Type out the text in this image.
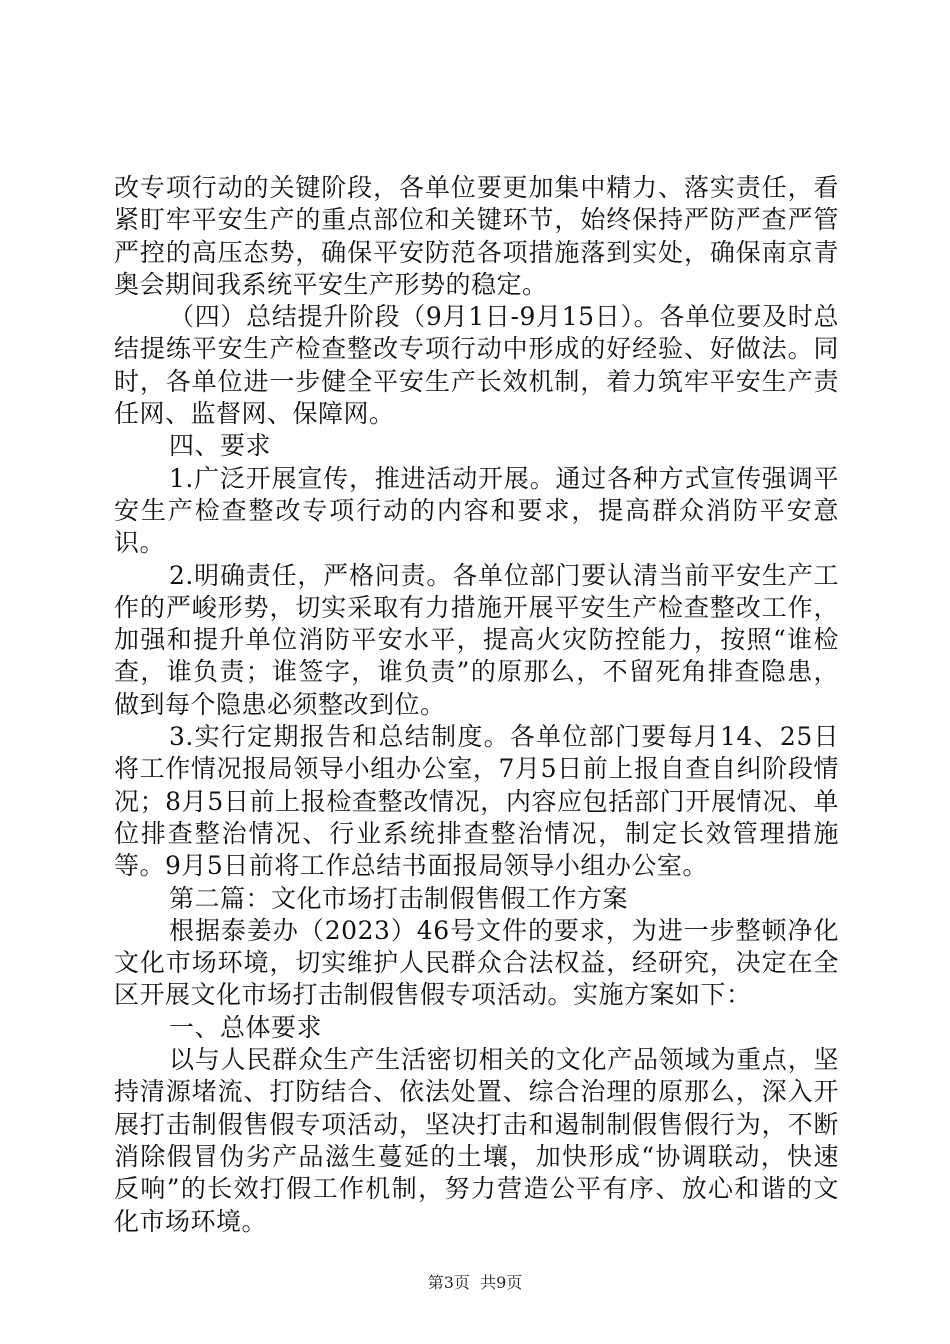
改专项行动的关键阶段，各单位要更加集中精力、落实责任，看紧盯牢平安生产的重点部位和关键环节，始终保持严防严查严管严控的高压态势，确保平安防范各项措施落到实处，确保南京青奥会期间我系统平安生产形势的稳定。

（四）总结提升阶段（9月1日-9月15日）。各单位要及时总结提练平安生产检查整改专项行动中形成的好经验、好做法。同时，各单位进一步健全平安生产长效机制，着力筑牢平安生产责任网、监督网、保障网。

四、要求

1.广泛开展宣传，推进活动开展。通过各种方式宣传强调平安生产检查整改专项行动的内容和要求，提高群众消防平安意识。

2.明确责任，严格问责。各单位部门要认清当前平安生产工作的严峻形势，切实采取有力措施开展平安生产检查整改工作，加强和提升单位消防平安水平，提高火灾防控能力，按照“谁检查，谁负责；谁签字，谁负责”的原那么，不留死角排查隐患，做到每个隐患必须整改到位。

3.实行定期报告和总结制度。各单位部门要每月14、25日将工作情况报局领导小组办公室，7月5日前上报自查自纠阶段情况；8月5日前上报检查整改情况，内容应包括部门开展情况、单位排查整治情况、行业系统排查整治情况，制定长效管理措施等。9月5日前将工作总结书面报局领导小组办公室。

第二篇：文化市场打击制假售假工作方案

根据泰姜办（2023）46号文件的要求，为进一步整顿净化文化市场环境，切实维护人民群众合法权益，经研究，决定在全区开展文化市场打击制假售假专项活动。实施方案如下：

一、总体要求

以与人民群众生产生活密切相关的文化产品领域为重点，坚持清源堵流、打防结合、依法处置、综合治理的原那么，深入开展打击制假售假专项活动，坚决打击和遏制制假售假行为，不断消除假冒伪劣产品滋生蔓延的土壤，加快形成“协调联动，快速反响”的长效打假工作机制，努力营造公平有序、放心和谐的文化市场环境。

第3页  共9页
